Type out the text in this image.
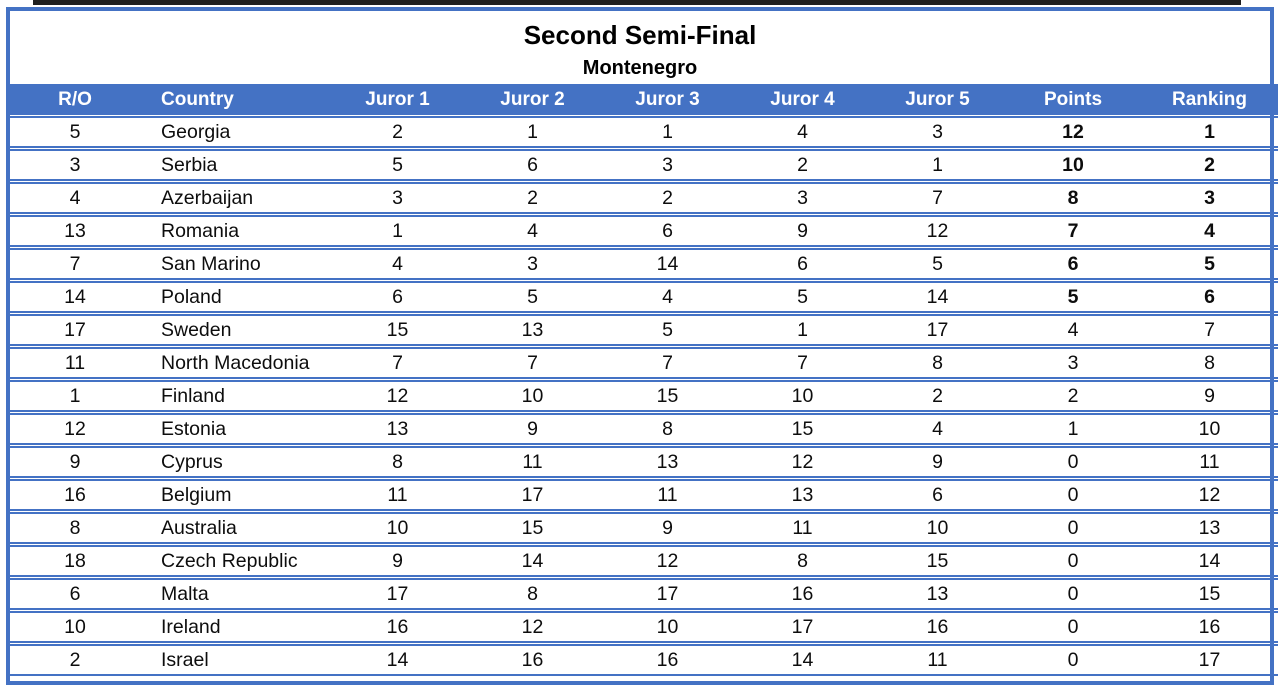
Second Semi-Final
Montenegro
R/O	Country	Juror 1	Juror 2	Juror 3	Juror 4	Juror 5	Points	Ranking
5	Georgia	2	1	1	4	3	12	1
3	Serbia	5	6	3	2	1	10	2
4	Azerbaijan	3	2	2	3	7	8	3
13	Romania	1	4	6	9	12	7	4
7	San Marino	4	3	14	6	5	6	5
14	Poland	6	5	4	5	14	5	6
17	Sweden	15	13	5	1	17	4	7
11	North Macedonia	7	7	7	7	8	3	8
1	Finland	12	10	15	10	2	2	9
12	Estonia	13	9	8	15	4	1	10
9	Cyprus	8	11	13	12	9	0	11
16	Belgium	11	17	11	13	6	0	12
8	Australia	10	15	9	11	10	0	13
18	Czech Republic	9	14	12	8	15	0	14
6	Malta	17	8	17	16	13	0	15
10	Ireland	16	12	10	17	16	0	16
2	Israel	14	16	16	14	11	0	17
